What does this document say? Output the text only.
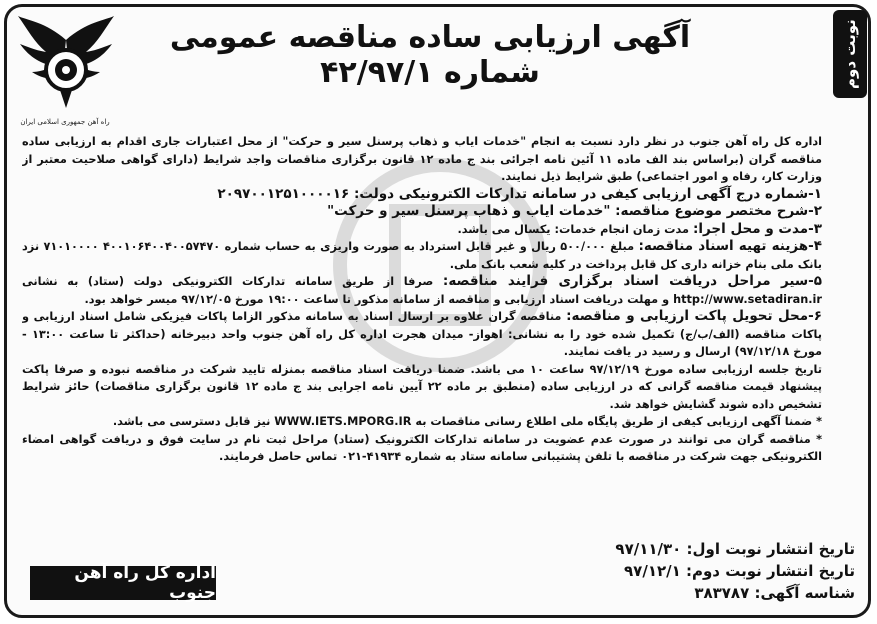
نوبت دوم
راه آهن جمهوری اسلامی ایران
آگهی ارزیابی ساده مناقصه عمومی شماره ۴۲/۹۷/۱

اداره کل راه آهن جنوب در نظر دارد نسبت به انجام "خدمات ایاب و ذهاب پرسنل سیر و حرکت" از محل اعتبارات جاری اقدام به ارزیابی ساده مناقصه گران (براساس بند الف ماده ۱۱ آئین نامه اجرائی بند ج ماده ۱۲ قانون برگزاری مناقصات واجد شرایط (دارای گواهی صلاحیت معتبر از وزارت کار، رفاه و امور اجتماعی) طبق شرایط ذیل نمایند.

۱-شماره درج آگهی ارزیابی کیفی در سامانه تدارکات الکترونیکی دولت: ۲۰۹۷۰۰۱۲۵۱۰۰۰۰۱۶

۲-شرح مختصر موضوع مناقصه: "خدمات ایاب و ذهاب پرسنل سیر و حرکت"

۳-مدت و محل اجرا: مدت زمان انجام خدمات: یکسال می باشد.

۴-هزینه تهیه اسناد مناقصه: مبلغ ۵۰۰/۰۰۰ ریال و غیر قابل استرداد به صورت واریزی به حساب شماره ۴۰۰۱۰۶۴۰۰۴۰۰۵۷۴۷۰ ۷۱۰۱۰۰۰۰ نزد بانک ملی بنام خزانه داری کل قابل پرداخت در کلیه شعب بانک ملی.

۵-سیر مراحل دریافت اسناد برگزاری فرایند مناقصه: صرفا از طریق سامانه تدارکات الکترونیکی دولت (ستاد) به نشانی http://www.setadiran.ir و مهلت دریافت اسناد ارزیابی و مناقصه از سامانه مذکور تا ساعت ۱۹:۰۰ مورخ ۹۷/۱۲/۰۵ میسر خواهد بود.

۶-محل تحویل پاکت ارزیابی و مناقصه: مناقصه گران علاوه بر ارسال اسناد به سامانه مذکور الزاما پاکات فیزیکی شامل اسناد ارزیابی و پاکات مناقصه (الف/ب/ج) تکمیل شده خود را به نشانی: اهواز- میدان هجرت اداره کل راه آهن جنوب واحد دبیرخانه (حداکثر تا ساعت ۱۳:۰۰ - مورخ ۹۷/۱۲/۱۸) ارسال و رسید در یافت نمایند.

تاریخ جلسه ارزیابی ساده مورخ ۹۷/۱۲/۱۹ ساعت ۱۰ می باشد. ضمنا دریافت اسناد مناقصه بمنزله تایید شرکت در مناقصه نبوده و صرفا پاکت پیشنهاد قیمت مناقصه گرانی که در ارزیابی ساده (منطبق بر ماده ۲۲ آیین نامه اجرایی بند ج ماده ۱۲ قانون برگزاری مناقصات) حائز شرایط تشخیص داده شوند گشایش خواهد شد.

* ضمنا آگهی ارزیابی کیفی از طریق پایگاه ملی اطلاع رسانی مناقصات به WWW.IETS.MPORG.IR نیز قابل دسترسی می باشد.

* مناقصه گران می توانند در صورت عدم عضویت در سامانه تدارکات الکترونیک (ستاد) مراحل ثبت نام در سایت فوق و دریافت گواهی امضاء الکترونیکی جهت شرکت در مناقصه با تلفن پشتیبانی سامانه ستاد به شماره ۴۱۹۳۴-۰۲۱ تماس حاصل فرمایند.

تاریخ انتشار نوبت اول: ۹۷/۱۱/۳۰
تاریخ انتشار نوبت دوم: ۹۷/۱۲/۱
شناسه آگهی: ۳۸۳۷۸۷
اداره کل راه آهن جنوب
